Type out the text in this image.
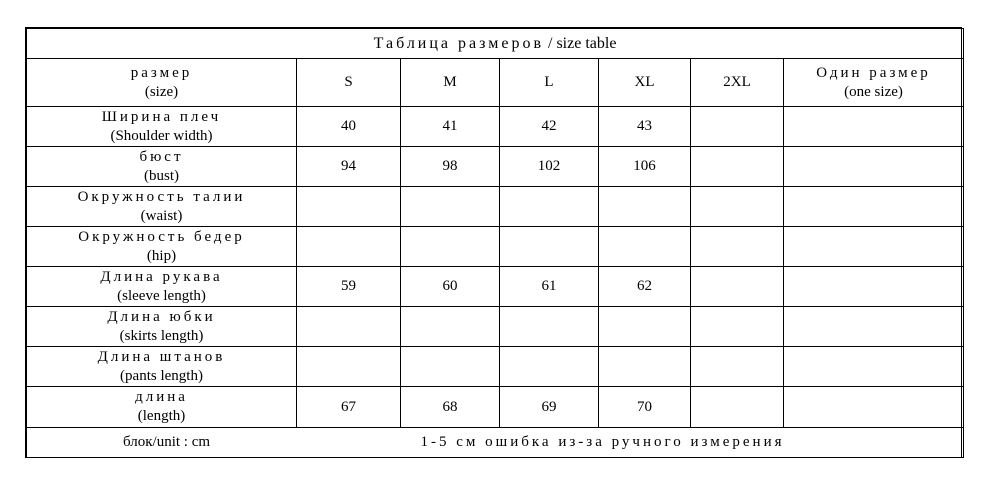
Таблица размеров / size table						

размер
(size)	S	M	L	XL	2XL	Один размер
(one size)

Ширина плеч
(Shoulder width)	40	41	42	43		

бюст
(bust)	94	98	102	106		

Окружность талии
(waist)						

Окружность бедер
(hip)						

Длина рукава
(sleeve length)	59	60	61	62		

Длина юбки
(skirts length)						

Длина штанов
(pants length)						

длина
(length)	67	68	69	70		
блок/unit : cm		1-5 см ошибка из-за ручного измерения				
